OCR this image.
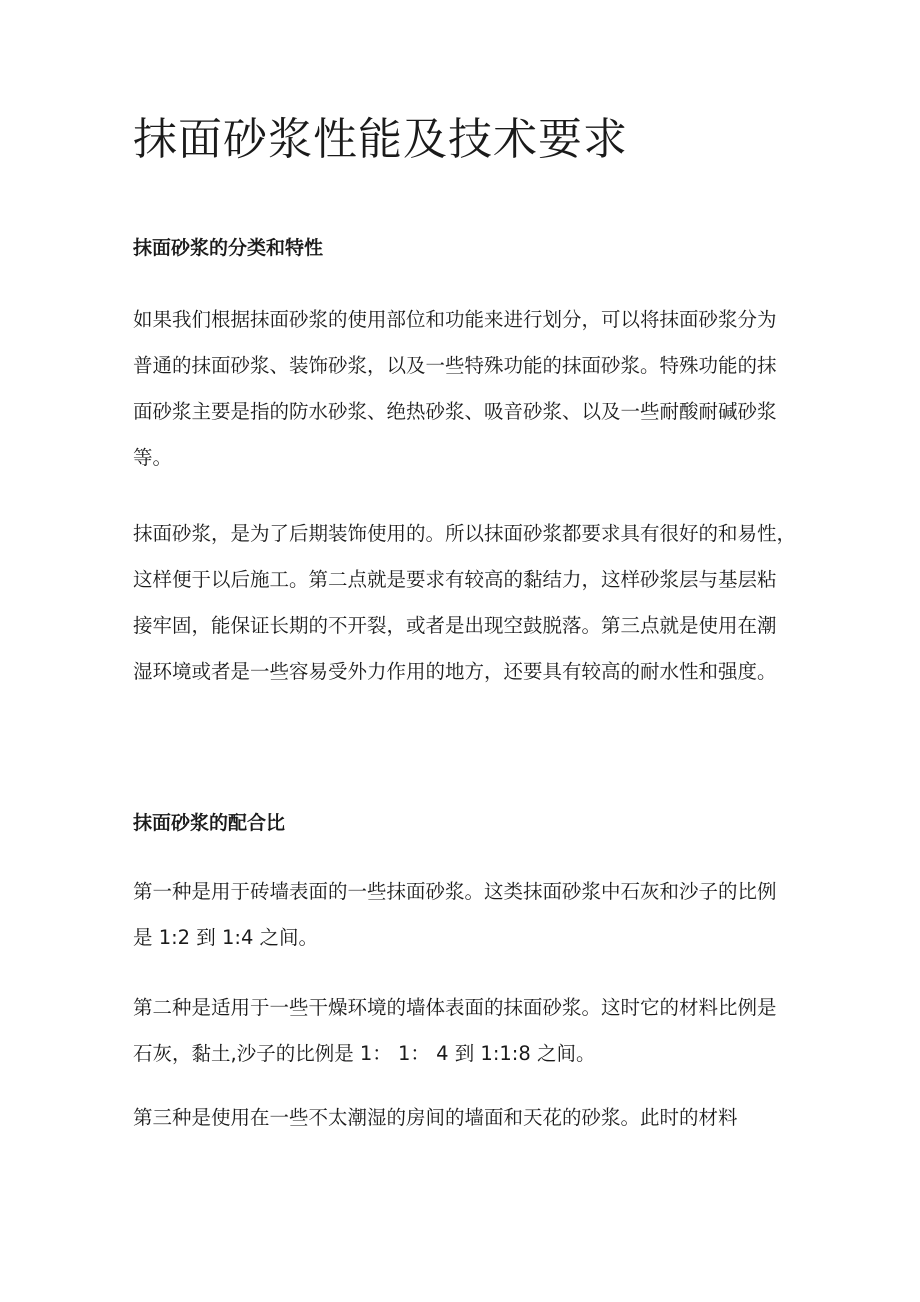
抹面砂浆性能及技术要求
抹面砂浆的分类和特性

如果我们根据抹面砂浆的使用部位和功能来进行划分，可以将抹面砂浆分为
普通的抹面砂浆、装饰砂浆，以及一些特殊功能的抹面砂浆。特殊功能的抹
面砂浆主要是指的防水砂浆、绝热砂浆、吸音砂浆、以及一些耐酸耐碱砂浆
等。

抹面砂浆，是为了后期装饰使用的。所以抹面砂浆都要求具有很好的和易性，
这样便于以后施工。第二点就是要求有较高的黏结力，这样砂浆层与基层粘
接牢固，能保证长期的不开裂，或者是出现空鼓脱落。第三点就是使用在潮
湿环境或者是一些容易受外力作用的地方，还要具有较高的耐水性和强度。

抹面砂浆的配合比

第一种是用于砖墙表面的一些抹面砂浆。这类抹面砂浆中石灰和沙子的比例
是 1:2 到 1:4 之间。

第二种是适用于一些干燥环境的墙体表面的抹面砂浆。这时它的材料比例是
石灰，黏土,沙子的比例是 1： 1： 4 到 1:1:8 之间。

第三种是使用在一些不太潮湿的房间的墙面和天花的砂浆。此时的材料
